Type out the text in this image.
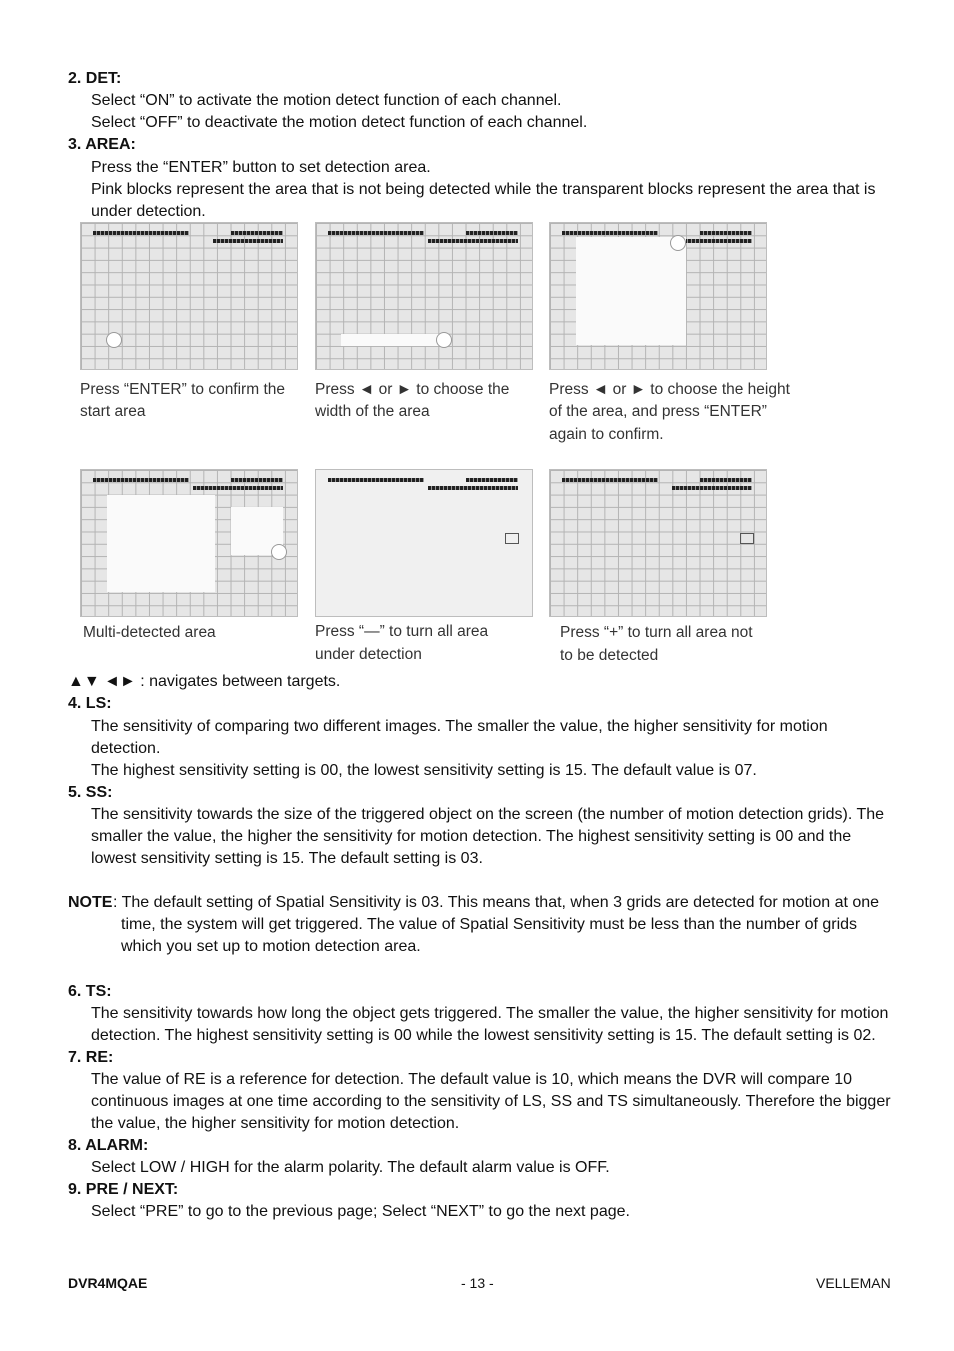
2. DET:
Select “ON” to activate the motion detect function of each channel.
Select “OFF” to deactivate the motion detect function of each channel.
3. AREA:
Press the “ENTER” button to set detection area.
Pink blocks represent the area that is not being detected while the transparent blocks represent the area that is
under detection.
Press “ENTER” to confirm the
start area
Press ◄ or ► to choose the
width of the area
Press ◄ or ► to choose the height
of the area, and press “ENTER”
again to confirm.
Multi-detected area	Press “—” to turn all area
under detection
Press “+” to turn all area not
to be detected
▲▼ ◄► : navigates between targets.
4. LS:
The sensitivity of comparing two different images. The smaller the value, the higher sensitivity for motion
detection.
The highest sensitivity setting is 00, the lowest sensitivity setting is 15. The default value is 07.
5. SS:
The sensitivity towards the size of the triggered object on the screen (the number of motion detection grids). The
smaller the value, the higher the sensitivity for motion detection. The highest sensitivity setting is 00 and the
lowest sensitivity setting is 15. The default setting is 03.
NOTE : The default setting of Spatial Sensitivity is 03. This means that, when 3 grids are detected for motion at one
time, the system will get triggered. The value of Spatial Sensitivity must be less than the number of grids
which you set up to motion detection area.
6. TS:
The sensitivity towards how long the object gets triggered. The smaller the value, the higher sensitivity for motion
detection. The highest sensitivity setting is 00 while the lowest sensitivity setting is 15. The default setting is 02.
7. RE:
The value of RE is a reference for detection. The default value is 10, which means the DVR will compare 10
continuous images at one time according to the sensitivity of LS, SS and TS simultaneously. Therefore the bigger
the value, the higher sensitivity for motion detection.
8. ALARM:
Select LOW / HIGH for the alarm polarity. The default alarm value is OFF.
9. PRE / NEXT:
Select “PRE” to go to the previous page; Select “NEXT” to go the next page.
DVR4MQAE	- 13 -	VELLEMAN
